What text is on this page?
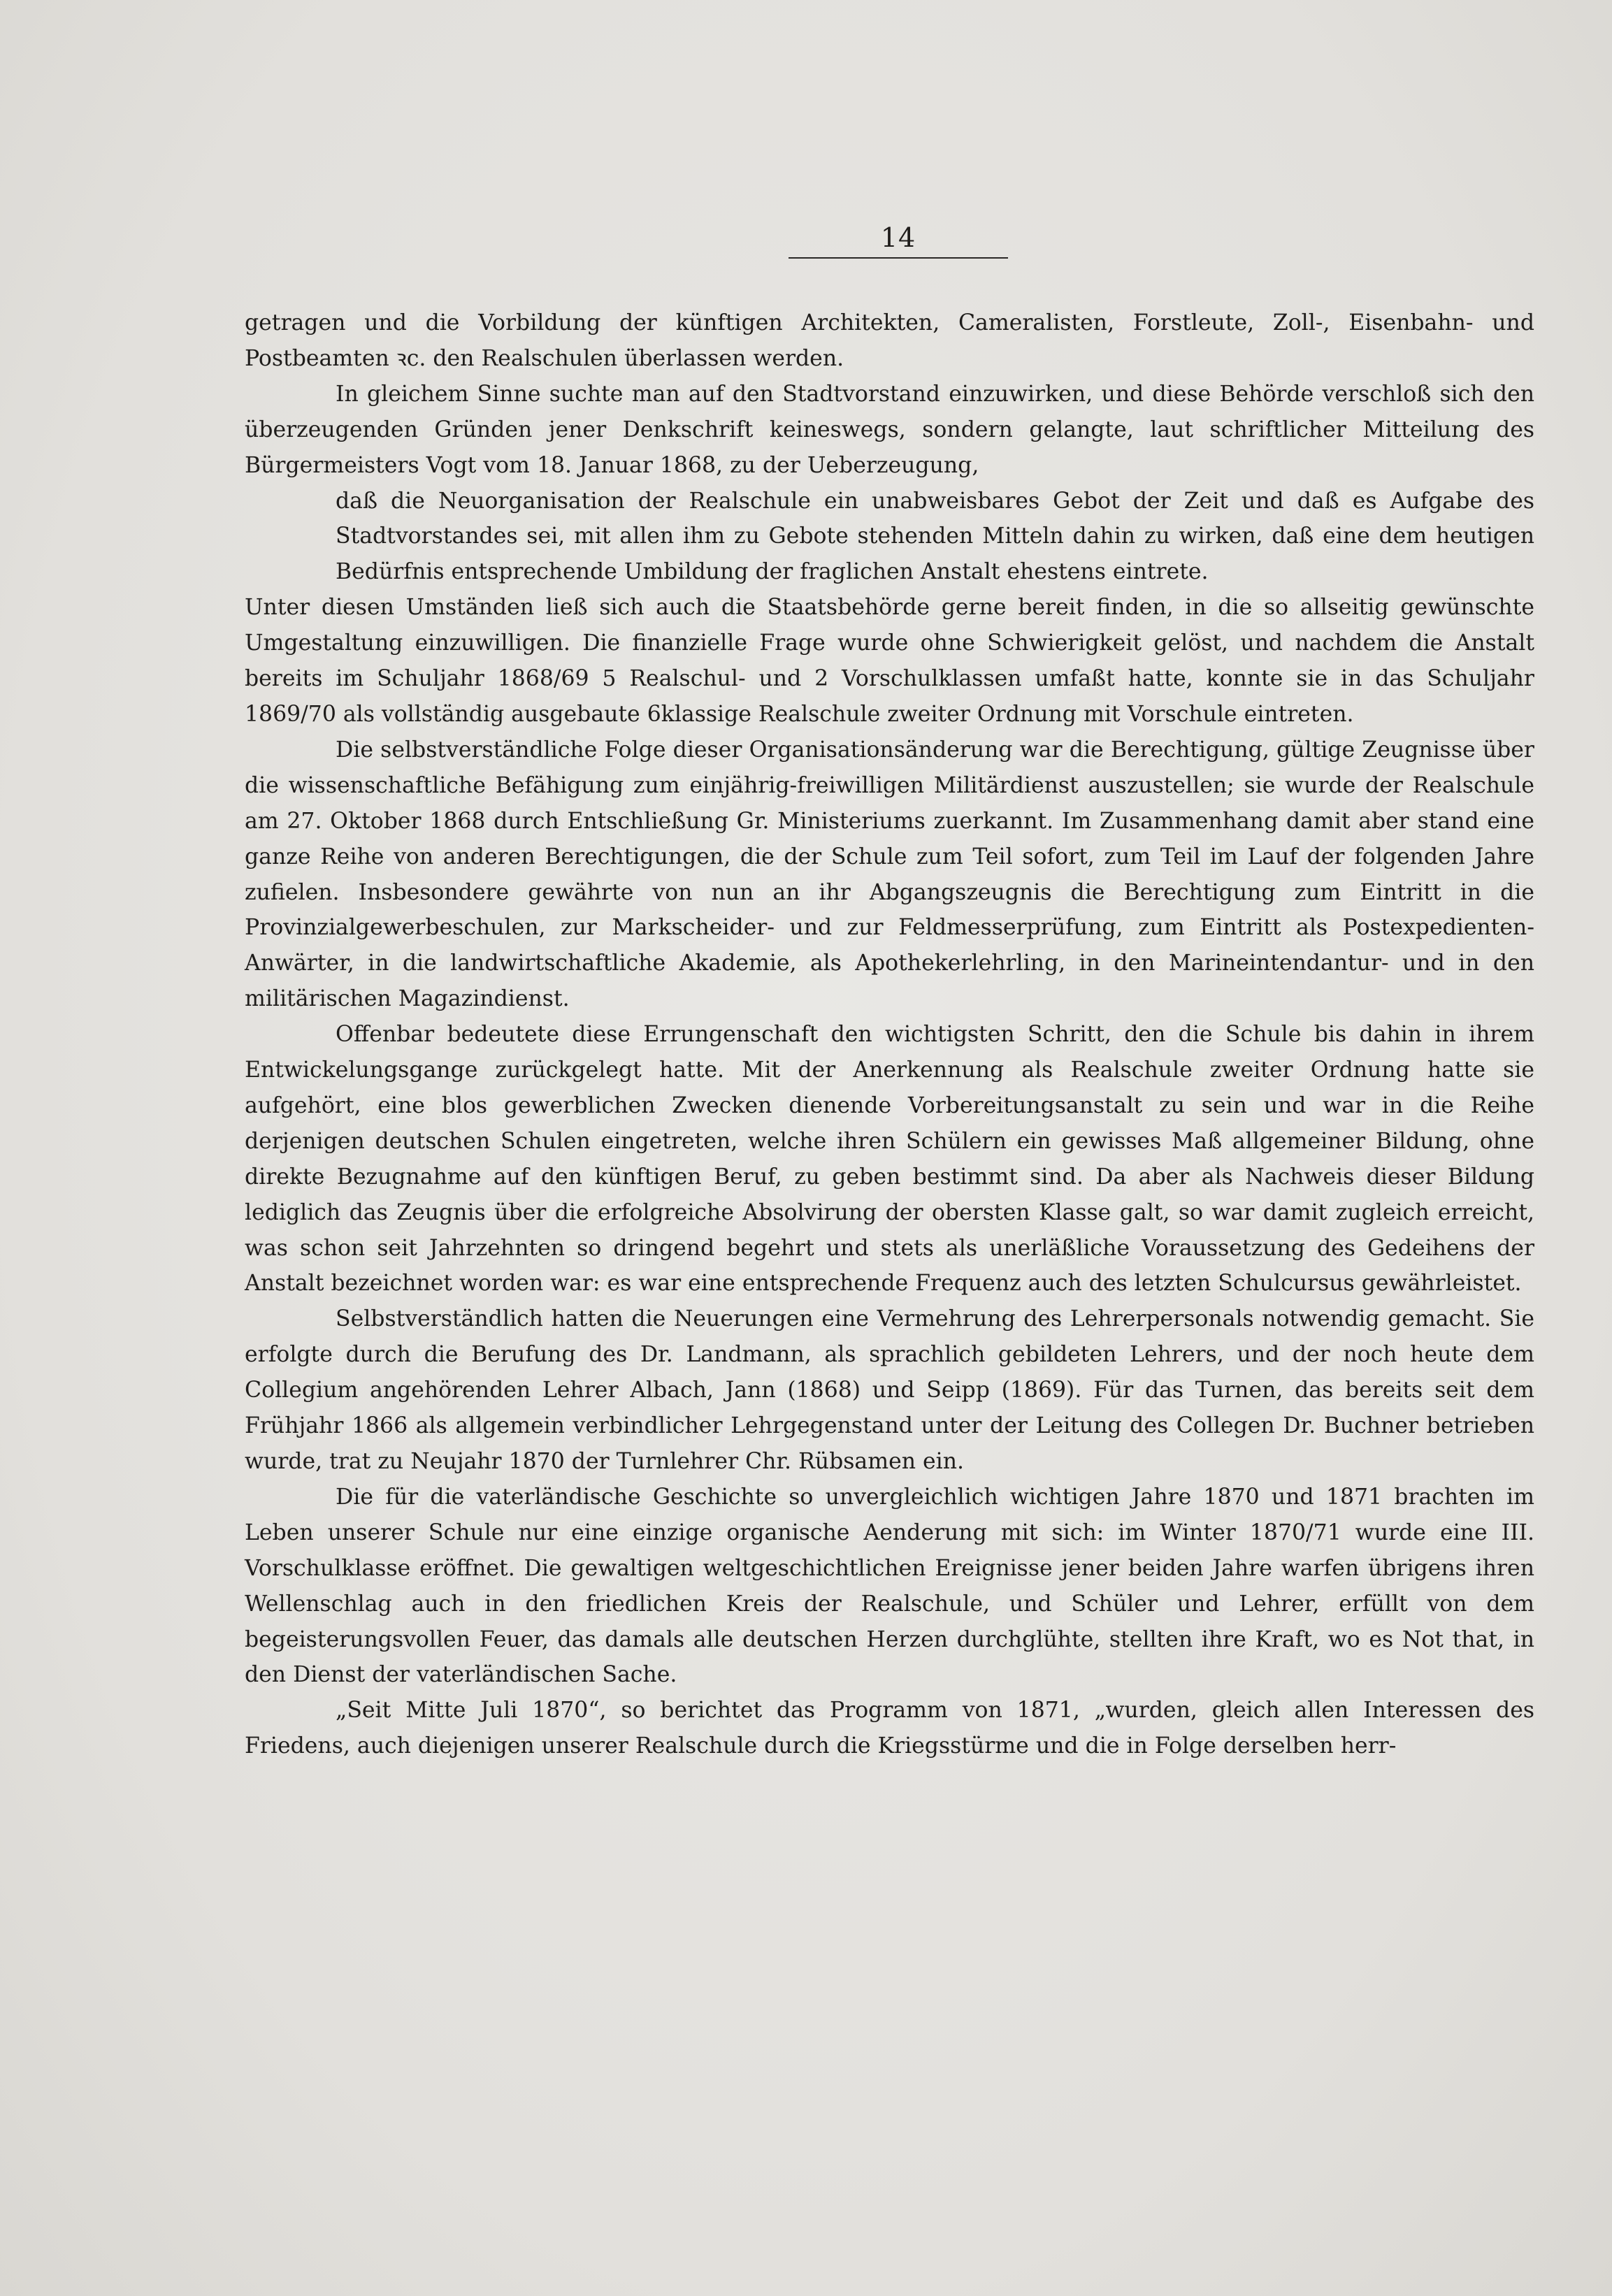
14

getragen und die Vorbildung der künftigen Architekten, Cameralisten, Forstleute, Zoll-, Eisenbahn- und Postbeamten ꝛc. den Realschulen überlassen werden.

In gleichem Sinne suchte man auf den Stadtvorstand einzuwirken, und diese Behörde verschloß sich den überzeugenden Gründen jener Denkschrift keineswegs, sondern gelangte, laut schriftlicher Mitteilung des Bürgermeisters Vogt vom 18. Januar 1868, zu der Ueberzeugung,

daß die Neuorganisation der Realschule ein unabweisbares Gebot der Zeit und daß es Aufgabe des Stadtvorstandes sei, mit allen ihm zu Gebote stehenden Mitteln dahin zu wirken, daß eine dem heutigen Bedürfnis entsprechende Umbildung der fraglichen Anstalt ehestens eintrete.

Unter diesen Umständen ließ sich auch die Staatsbehörde gerne bereit finden, in die so allseitig gewünschte Umgestaltung einzuwilligen. Die finanzielle Frage wurde ohne Schwierigkeit gelöst, und nachdem die Anstalt bereits im Schuljahr 1868/69 5 Realschul- und 2 Vorschulklassen umfaßt hatte, konnte sie in das Schuljahr 1869/70 als vollständig ausgebaute 6klassige Realschule zweiter Ordnung mit Vorschule eintreten.

Die selbstverständliche Folge dieser Organisationsänderung war die Berechtigung, gültige Zeugnisse über die wissenschaftliche Befähigung zum einjährig-freiwilligen Militärdienst auszustellen; sie wurde der Realschule am 27. Oktober 1868 durch Entschließung Gr. Ministeriums zuerkannt. Im Zusammenhang damit aber stand eine ganze Reihe von anderen Berechtigungen, die der Schule zum Teil sofort, zum Teil im Lauf der folgenden Jahre zufielen. Insbesondere gewährte von nun an ihr Abgangszeugnis die Berechtigung zum Eintritt in die Provinzialgewerbeschulen, zur Markscheider- und zur Feldmesserprüfung, zum Eintritt als Postexpedienten-Anwärter, in die landwirtschaftliche Akademie, als Apothekerlehrling, in den Marineintendantur- und in den militärischen Magazindienst.

Offenbar bedeutete diese Errungenschaft den wichtigsten Schritt, den die Schule bis dahin in ihrem Entwickelungsgange zurückgelegt hatte. Mit der Anerkennung als Realschule zweiter Ordnung hatte sie aufgehört, eine blos gewerblichen Zwecken dienende Vorbereitungsanstalt zu sein und war in die Reihe derjenigen deutschen Schulen eingetreten, welche ihren Schülern ein gewisses Maß allgemeiner Bildung, ohne direkte Bezugnahme auf den künftigen Beruf, zu geben bestimmt sind. Da aber als Nachweis dieser Bildung lediglich das Zeugnis über die erfolgreiche Absolvirung der obersten Klasse galt, so war damit zugleich erreicht, was schon seit Jahrzehnten so dringend begehrt und stets als unerläßliche Voraussetzung des Gedeihens der Anstalt bezeichnet worden war: es war eine entsprechende Frequenz auch des letzten Schulcursus gewährleistet.

Selbstverständlich hatten die Neuerungen eine Vermehrung des Lehrerpersonals notwendig gemacht. Sie erfolgte durch die Berufung des Dr. Landmann, als sprachlich gebildeten Lehrers, und der noch heute dem Collegium angehörenden Lehrer Albach, Jann (1868) und Seipp (1869). Für das Turnen, das bereits seit dem Frühjahr 1866 als allgemein verbindlicher Lehrgegenstand unter der Leitung des Collegen Dr. Buchner betrieben wurde, trat zu Neujahr 1870 der Turnlehrer Chr. Rübsamen ein.

Die für die vaterländische Geschichte so unvergleichlich wichtigen Jahre 1870 und 1871 brachten im Leben unserer Schule nur eine einzige organische Aenderung mit sich: im Winter 1870/71 wurde eine III. Vorschulklasse eröffnet. Die gewaltigen weltgeschichtlichen Ereignisse jener beiden Jahre warfen übrigens ihren Wellenschlag auch in den friedlichen Kreis der Realschule, und Schüler und Lehrer, erfüllt von dem begeisterungsvollen Feuer, das damals alle deutschen Herzen durchglühte, stellten ihre Kraft, wo es Not that, in den Dienst der vaterländischen Sache.

„Seit Mitte Juli 1870“, so berichtet das Programm von 1871, „wurden, gleich allen Interessen des Friedens, auch diejenigen unserer Realschule durch die Kriegsstürme und die in Folge derselben herr-
